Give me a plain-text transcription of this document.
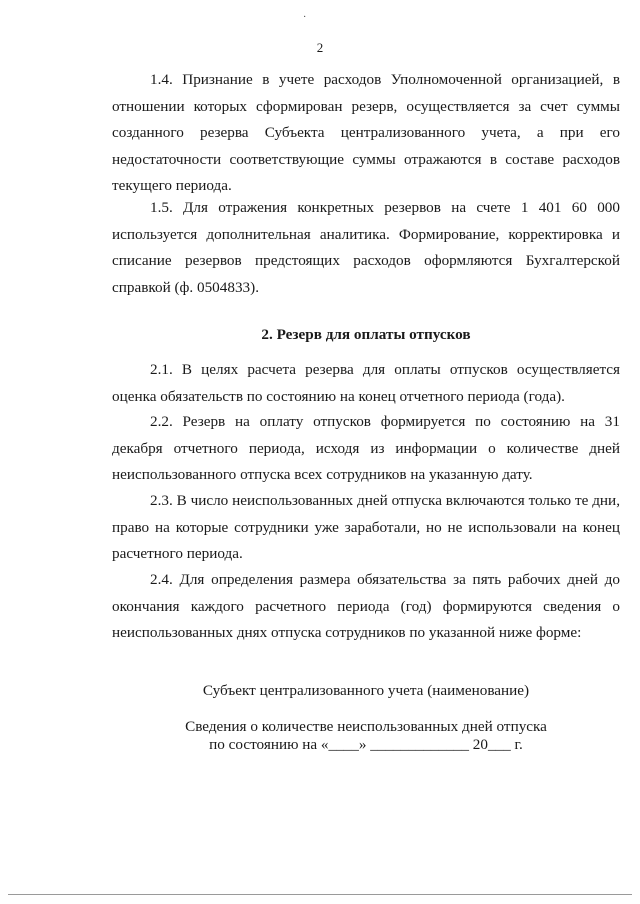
·
2

1.4. Признание в учете расходов Уполномоченной организацией, в отношении которых сформирован резерв, осуществляется за счет суммы созданного резерва Субъекта централизованного учета, а при его недостаточности соответствующие суммы отражаются в составе расходов текущего периода.

1.5. Для отражения конкретных резервов на счете 1 401 60 000 используется дополнительная аналитика. Формирование, корректировка и списание резервов предстоящих расходов оформляются Бухгалтерской справкой (ф. 0504833).

2. Резерв для оплаты отпусков

2.1. В целях расчета резерва для оплаты отпусков осуществляется оценка обязательств по состоянию на конец отчетного периода (года).

2.2. Резерв на оплату отпусков формируется по состоянию на 31 декабря отчетного периода, исходя из информации о количестве дней неиспользованного отпуска всех сотрудников на указанную дату.

2.3. В число неиспользованных дней отпуска включаются только те дни, право на которые сотрудники уже заработали, но не использовали на конец расчетного периода.

2.4. Для определения размера обязательства за пять рабочих дней до окончания каждого расчетного периода (год) формируются сведения о неиспользованных днях отпуска сотрудников по указанной ниже форме:

Субъект централизованного учета (наименование)

Сведения о количестве неиспользованных дней отпуска
по состоянию на «____» _____________ 20___ г.
